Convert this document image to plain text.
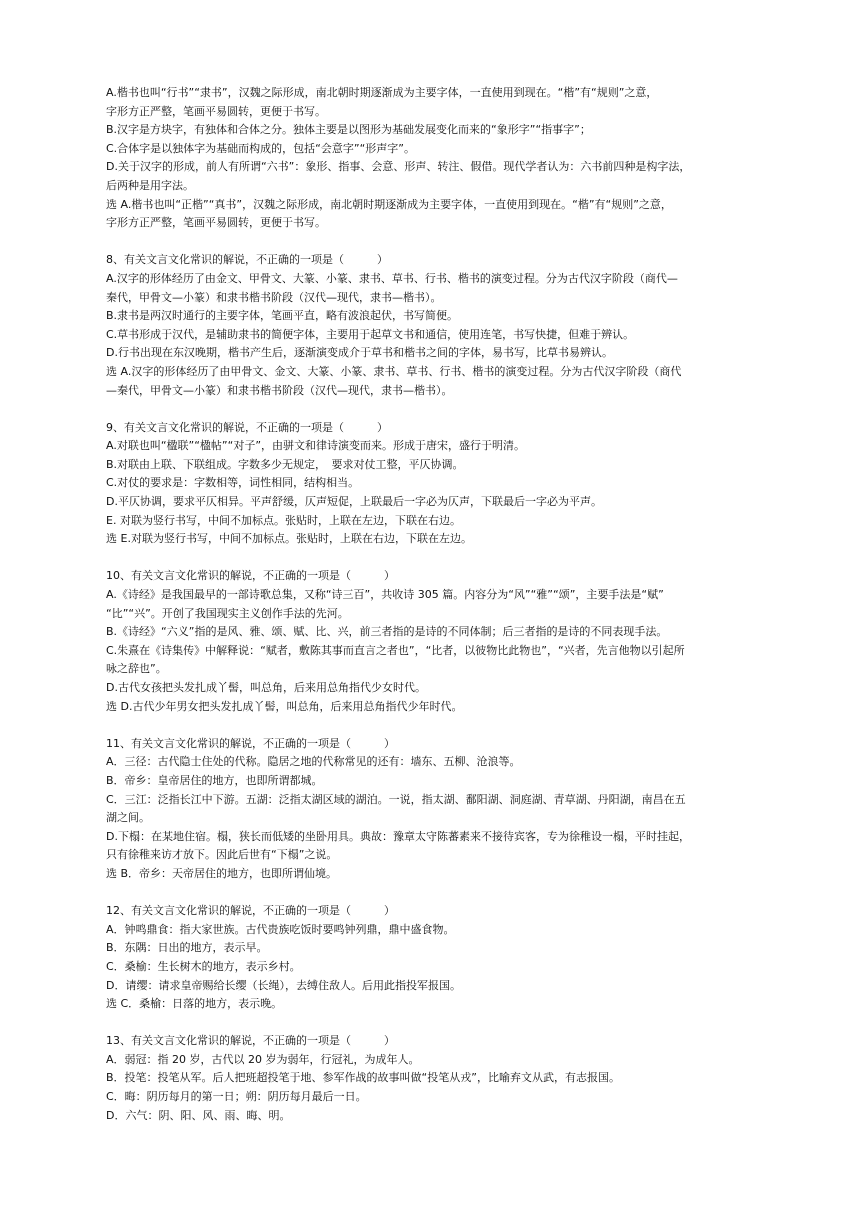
A.楷书也叫“行书”“隶书”，汉魏之际形成，南北朝时期逐渐成为主要字体，一直使用到现在。“楷”有“规则”之意，
字形方正严整，笔画平易圆转，更便于书写。
B.汉字是方块字，有独体和合体之分。独体主要是以图形为基础发展变化而来的“象形字”“指事字”；
C.合体字是以独体字为基础而构成的，包括“会意字”“形声字”。
D.关于汉字的形成，前人有所谓“六书”：象形、指事、会意、形声、转注、假借。现代学者认为：六书前四种是构字法，
后两种是用字法。
选 A.楷书也叫“正楷”“真书”，汉魏之际形成，南北朝时期逐渐成为主要字体，一直使用到现在。“楷”有“规则”之意，
字形方正严整，笔画平易圆转，更便于书写。
8、有关文言文化常识的解说，不正确的一项是（　　　）
A.汉字的形体经历了由金文、甲骨文、大篆、小篆、隶书、草书、行书、楷书的演变过程。分为古代汉字阶段（商代—
秦代，甲骨文—小篆）和隶书楷书阶段（汉代—现代，隶书—楷书）。
B.隶书是两汉时通行的主要字体，笔画平直，略有波浪起伏，书写简便。
C.草书形成于汉代，是辅助隶书的简便字体，主要用于起草文书和通信，使用连笔，书写快捷，但难于辨认。
D.行书出现在东汉晚期，楷书产生后，逐渐演变成介于草书和楷书之间的字体，易书写，比草书易辨认。
选 A.汉字的形体经历了由甲骨文、金文、大篆、小篆、隶书、草书、行书、楷书的演变过程。分为古代汉字阶段（商代
—秦代，甲骨文—小篆）和隶书楷书阶段（汉代—现代，隶书—楷书）。
9、有关文言文化常识的解说，不正确的一项是（　　　）
A.对联也叫“楹联”“楹帖”“对子”，由骈文和律诗演变而来。形成于唐宋，盛行于明清。
B.对联由上联、下联组成。字数多少无规定，　要求对仗工整，平仄协调。
C.对仗的要求是：字数相等，词性相同，结构相当。
D.平仄协调，要求平仄相异。平声舒缓，仄声短促，上联最后一字必为仄声，下联最后一字必为平声。
E. 对联为竖行书写，中间不加标点。张贴时，上联在左边，下联在右边。
选 E.对联为竖行书写，中间不加标点。张贴时，上联在右边，下联在左边。
10、有关文言文化常识的解说，不正确的一项是（　　　）
A.《诗经》是我国最早的一部诗歌总集，又称“诗三百”，共收诗 305 篇。内容分为“风”“雅”“颂”，主要手法是“赋”
“比”“兴”。开创了我国现实主义创作手法的先河。
B.《诗经》“六义”指的是风、雅、颂、赋、比、兴，前三者指的是诗的不同体制；后三者指的是诗的不同表现手法。
C.朱熹在《诗集传》中解释说：“赋者，敷陈其事而直言之者也”，“比者，以彼物比此物也”，“兴者，先言他物以引起所
咏之辞也”。
D.古代女孩把头发扎成丫髻，叫总角，后来用总角指代少女时代。
选 D.古代少年男女把头发扎成丫髻，叫总角，后来用总角指代少年时代。
11、有关文言文化常识的解说，不正确的一项是（　　　）
A．三径：古代隐士住处的代称。隐居之地的代称常见的还有：墙东、五柳、沧浪等。
B．帝乡：皇帝居住的地方，也即所谓都城。
C．三江：泛指长江中下游。五湖：泛指太湖区域的湖泊。一说，指太湖、鄱阳湖、洞庭湖、青草湖、丹阳湖，南昌在五
湖之间。
D.下榻：在某地住宿。榻，狭长而低矮的坐卧用具。典故：豫章太守陈蕃素来不接待宾客，专为徐稚设一榻，平时挂起，
只有徐稚来访才放下。因此后世有“下榻”之说。
选 B．帝乡：天帝居住的地方，也即所谓仙境。
12、有关文言文化常识的解说，不正确的一项是（　　　）
A．钟鸣鼎食：指大家世族。古代贵族吃饭时要鸣钟列鼎，鼎中盛食物。
B．东隅：日出的地方，表示早。
C．桑榆：生长树木的地方，表示乡村。
D．请缨：请求皇帝赐给长缨（长绳），去缚住敌人。后用此指投军报国。
选 C．桑榆：日落的地方，表示晚。
13、有关文言文化常识的解说，不正确的一项是（　　　）
A．弱冠：指 20 岁，古代以 20 岁为弱年，行冠礼，为成年人。
B．投笔：投笔从军。后人把班超投笔于地、参军作战的故事叫做“投笔从戎”，比喻弃文从武，有志报国。
C．晦：阴历每月的第一日；朔：阴历每月最后一日。
D．六气：阴、阳、风、雨、晦、明。
